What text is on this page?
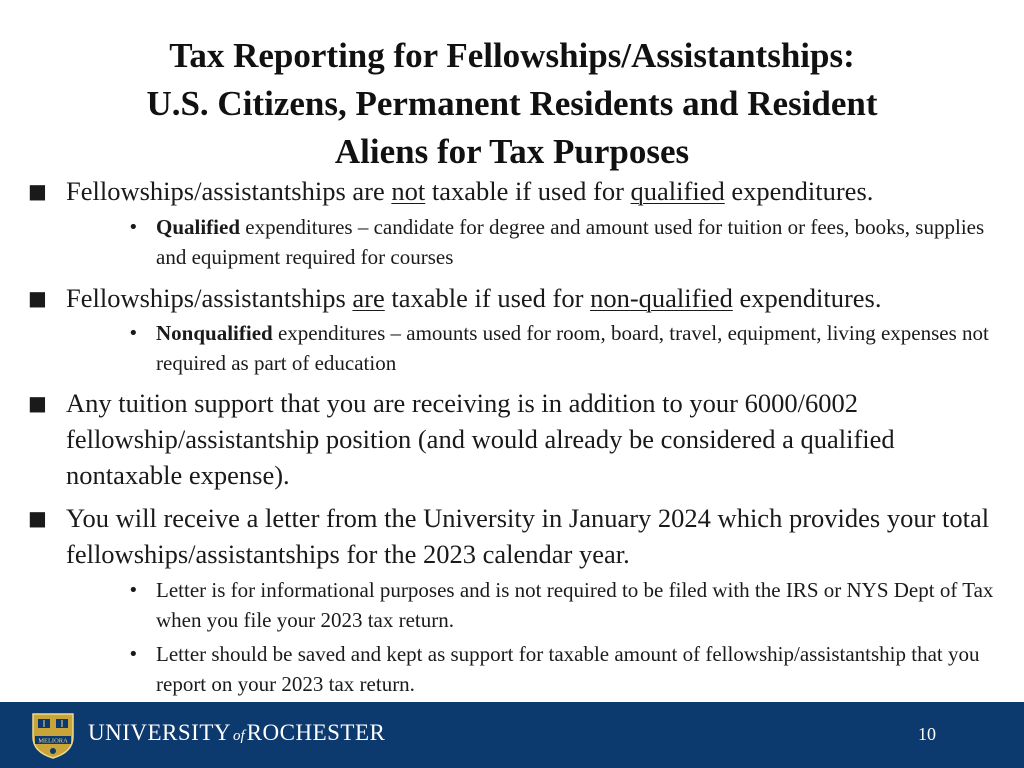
Tax Reporting for Fellowships/Assistantships:
U.S. Citizens, Permanent Residents and Resident
Aliens for Tax Purposes
■ Fellowships/assistantships are not taxable if used for qualified expenditures.
• Qualified expenditures – candidate for degree and amount used for tuition or fees, books, supplies and equipment required for courses
■ Fellowships/assistantships are taxable if used for non-qualified expenditures.
• Nonqualified expenditures – amounts used for room, board, travel, equipment, living expenses not required as part of education
■ Any tuition support that you are receiving is in addition to your 6000/6002 fellowship/assistantship position (and would already be considered a qualified nontaxable expense).
■ You will receive a letter from the University in January 2024 which provides your total fellowships/assistantships for the 2023 calendar year.
• Letter is for informational purposes and is not required to be filed with the IRS or NYS Dept of Tax when you file your 2023 tax return.
• Letter should be saved and kept as support for taxable amount of fellowship/assistantship that you report on your 2023 tax return.
MELIORA UNIVERSITY ofROCHESTER	10
